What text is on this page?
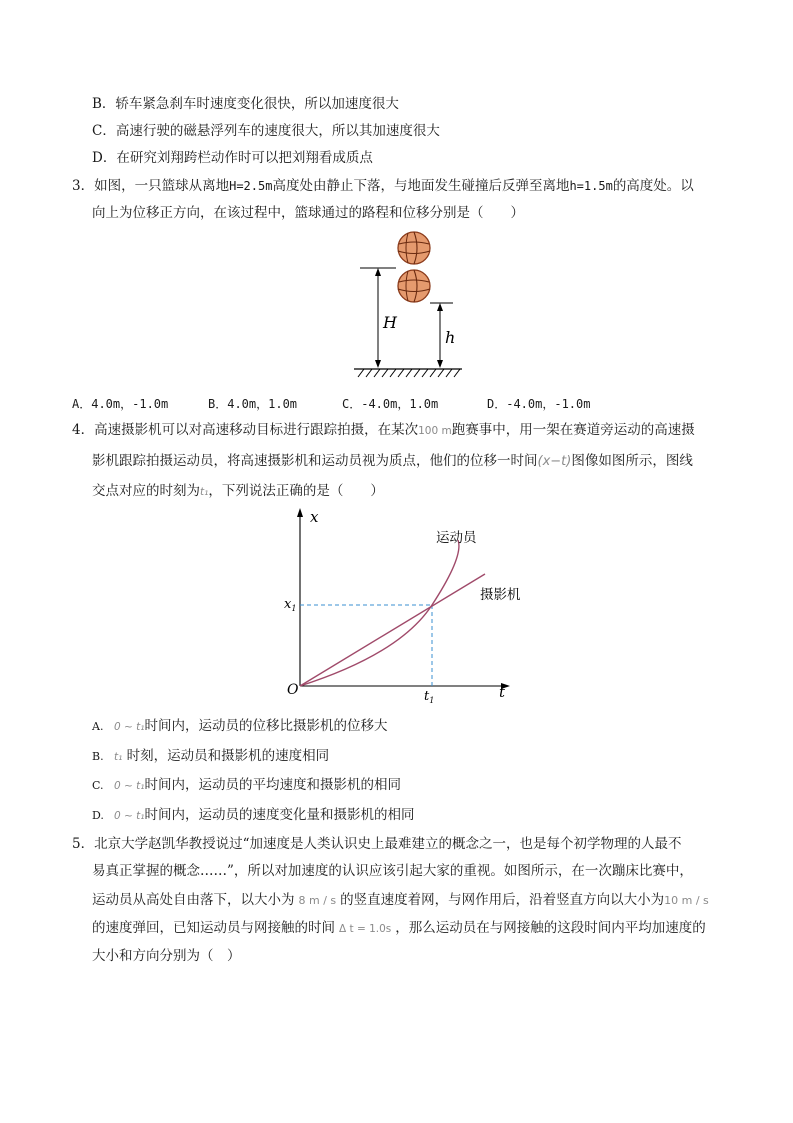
B．轿车紧急刹车时速度变化很快，所以加速度很大
C．高速行驶的磁悬浮列车的速度很大，所以其加速度很大
D．在研究刘翔跨栏动作时可以把刘翔看成质点
3．如图，一只篮球从离地H=2.5m高度处由静止下落，与地面发生碰撞后反弹至离地h=1.5m的高度处。以
向上为位移正方向，在该过程中，篮球通过的路程和位移分别是（　　）
H
h
A．4.0m，-1.0m	B．4.0m，1.0m	C．-4.0m，1.0m	D．-4.0m，-1.0m
4．高速摄影机可以对高速移动目标进行跟踪拍摄，在某次100 m跑赛事中，用一架在赛道旁运动的高速摄
影机跟踪拍摄运动员，将高速摄影机和运动员视为质点，他们的位移一时间(x−t)图像如图所示，图线
交点对应的时刻为t₁，下列说法正确的是（　　）
x
t
O
$x_1$
$t_1$
运动员
摄影机
A. 0 ~ t₁时间内，运动员的位移比摄影机的位移大
B. t₁ 时刻，运动员和摄影机的速度相同
C. 0 ~ t₁时间内，运动员的平均速度和摄影机的相同
D. 0 ~ t₁时间内，运动员的速度变化量和摄影机的相同
5．北京大学赵凯华教授说过“加速度是人类认识史上最难建立的概念之一，也是每个初学物理的人最不
易真正掌握的概念……”，所以对加速度的认识应该引起大家的重视。如图所示，在一次蹦床比赛中，
运动员从高处自由落下，以大小为 8 m / s 的竖直速度着网，与网作用后，沿着竖直方向以大小为10 m / s
的速度弹回，已知运动员与网接触的时间 Δ t = 1.0s ，那么运动员在与网接触的这段时间内平均加速度的
大小和方向分别为（　）
